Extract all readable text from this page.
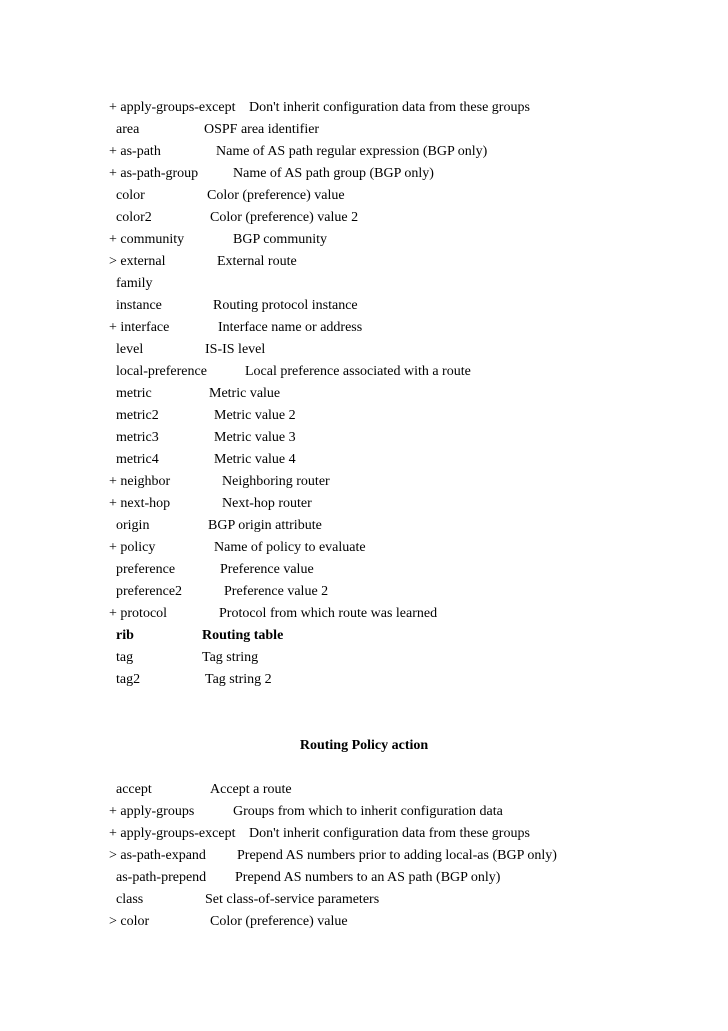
+ apply-groups-except Don't inherit configuration data from these groups
area	OSPF area identifier
+ as-path	Name of AS path regular expression (BGP only)
+ as-path-group Name of AS path group (BGP only)
color	Color (preference) value
color2	Color (preference) value 2
+ community	BGP community
> external	External route
family
instance	Routing protocol instance
+ interface	Interface name or address
level	IS-IS level
local-preference	Local preference associated with a route
metric	Metric value
metric2	Metric value 2
metric3	Metric value 3
metric4	Metric value 4
+ neighbor	Neighboring router
+ next-hop	Next-hop router
origin	BGP origin attribute
+ policy	Name of policy to evaluate
preference	Preference value
preference2	Preference value 2
+ protocol	Protocol from which route was learned
rib	Routing table
tag	Tag string
tag2	Tag string 2
Routing Policy action
accept	Accept a route
+ apply-groups	Groups from which to inherit configuration data
+ apply-groups-except Don't inherit configuration data from these groups
> as-path-expand Prepend AS numbers prior to adding local-as (BGP only)
as-path-prepend Prepend AS numbers to an AS path (BGP only)
class	Set class-of-service parameters
> color	Color (preference) value
